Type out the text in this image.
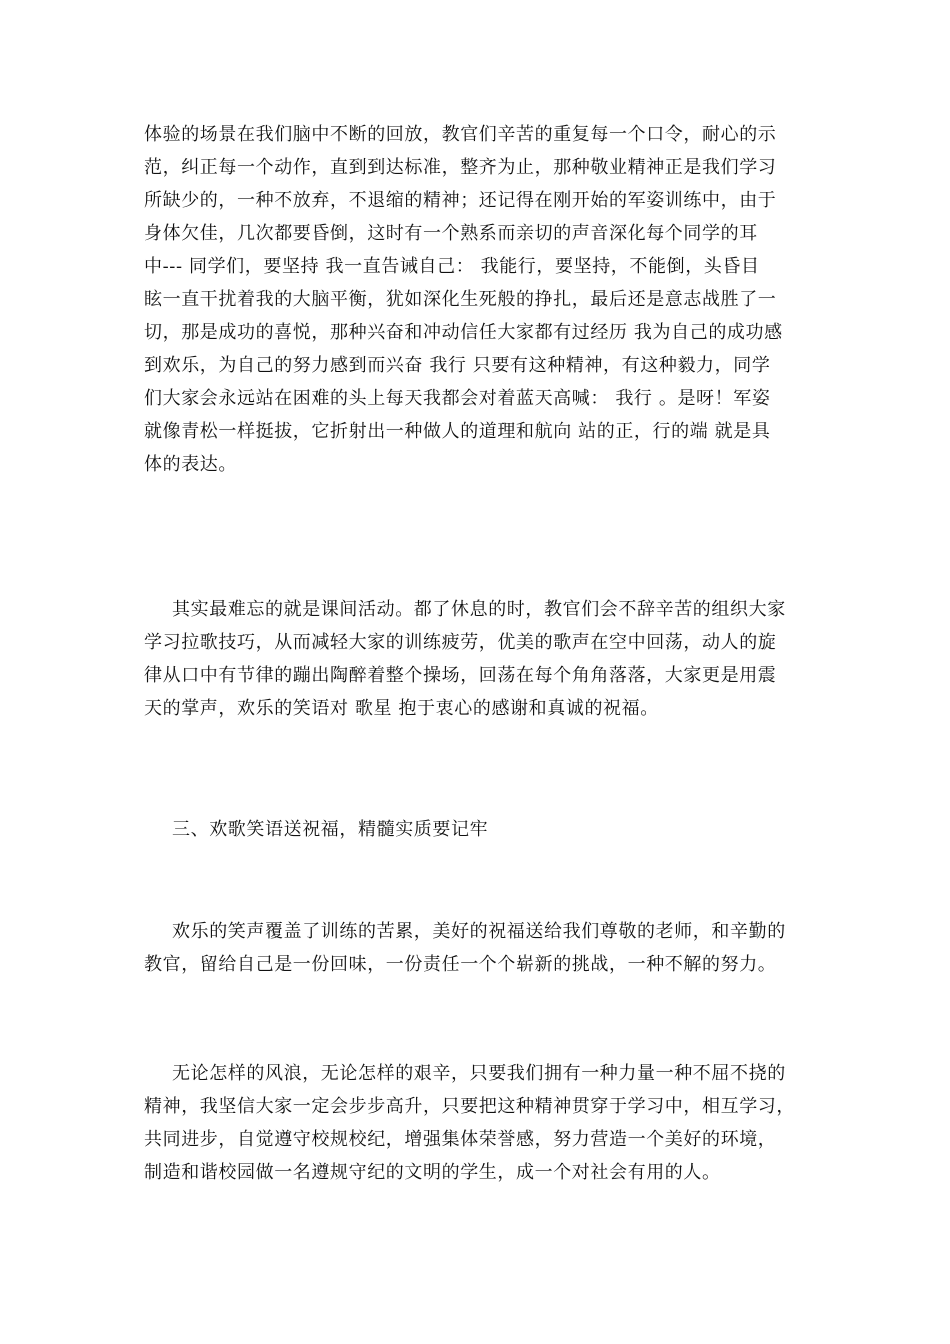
体验的场景在我们脑中不断的回放，教官们辛苦的重复每一个口令，耐心的示
范，纠正每一个动作，直到到达标准，整齐为止，那种敬业精神正是我们学习
所缺少的，一种不放弃，不退缩的精神；还记得在刚开始的军姿训练中，由于
身体欠佳，几次都要昏倒，这时有一个熟系而亲切的声音深化每个同学的耳
中--- 同学们，要坚持 我一直告诫自己： 我能行，要坚持，不能倒，头昏目
眩一直干扰着我的大脑平衡，犹如深化生死般的挣扎，最后还是意志战胜了一
切，那是成功的喜悦，那种兴奋和冲动信任大家都有过经历 我为自己的成功感
到欢乐，为自己的努力感到而兴奋 我行 只要有这种精神，有这种毅力，同学
们大家会永远站在困难的头上每天我都会对着蓝天高喊： 我行 。是呀！军姿
就像青松一样挺拔，它折射出一种做人的道理和航向 站的正，行的端 就是具
体的表达。
其实最难忘的就是课间活动。都了休息的时，教官们会不辞辛苦的组织大家
学习拉歌技巧，从而减轻大家的训练疲劳，优美的歌声在空中回荡，动人的旋
律从口中有节律的蹦出陶醉着整个操场，回荡在每个角角落落，大家更是用震
天的掌声，欢乐的笑语对 歌星 抱于衷心的感谢和真诚的祝福。
三、欢歌笑语送祝福，精髓实质要记牢
欢乐的笑声覆盖了训练的苦累，美好的祝福送给我们尊敬的老师，和辛勤的
教官，留给自己是一份回味，一份责任一个个崭新的挑战，一种不解的努力。
无论怎样的风浪，无论怎样的艰辛，只要我们拥有一种力量一种不屈不挠的
精神，我坚信大家一定会步步高升，只要把这种精神贯穿于学习中，相互学习，
共同进步，自觉遵守校规校纪，增强集体荣誉感，努力营造一个美好的环境，
制造和谐校园做一名遵规守纪的文明的学生，成一个对社会有用的人。
